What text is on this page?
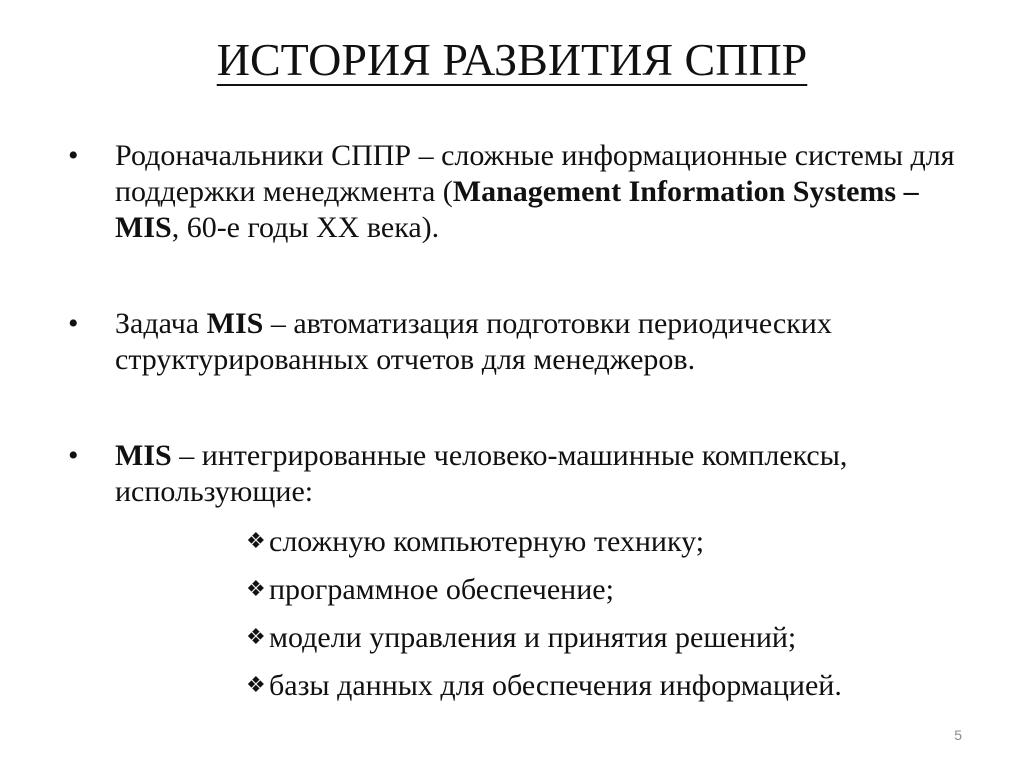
ИСТОРИЯ РАЗВИТИЯ СППР
• Родоначальники СППР – сложные информационные системы для поддержки менеджмента (Management Information Systems – MIS, 60-е годы XX века).
• Задача MIS – автоматизация подготовки периодических структурированных отчетов для менеджеров.
• MIS – интегрированные человеко-машинные комплексы, использующие:
❖ сложную компьютерную технику;
❖ программное обеспечение;
❖ модели управления и принятия решений;
❖ базы данных для обеспечения информацией.
5
